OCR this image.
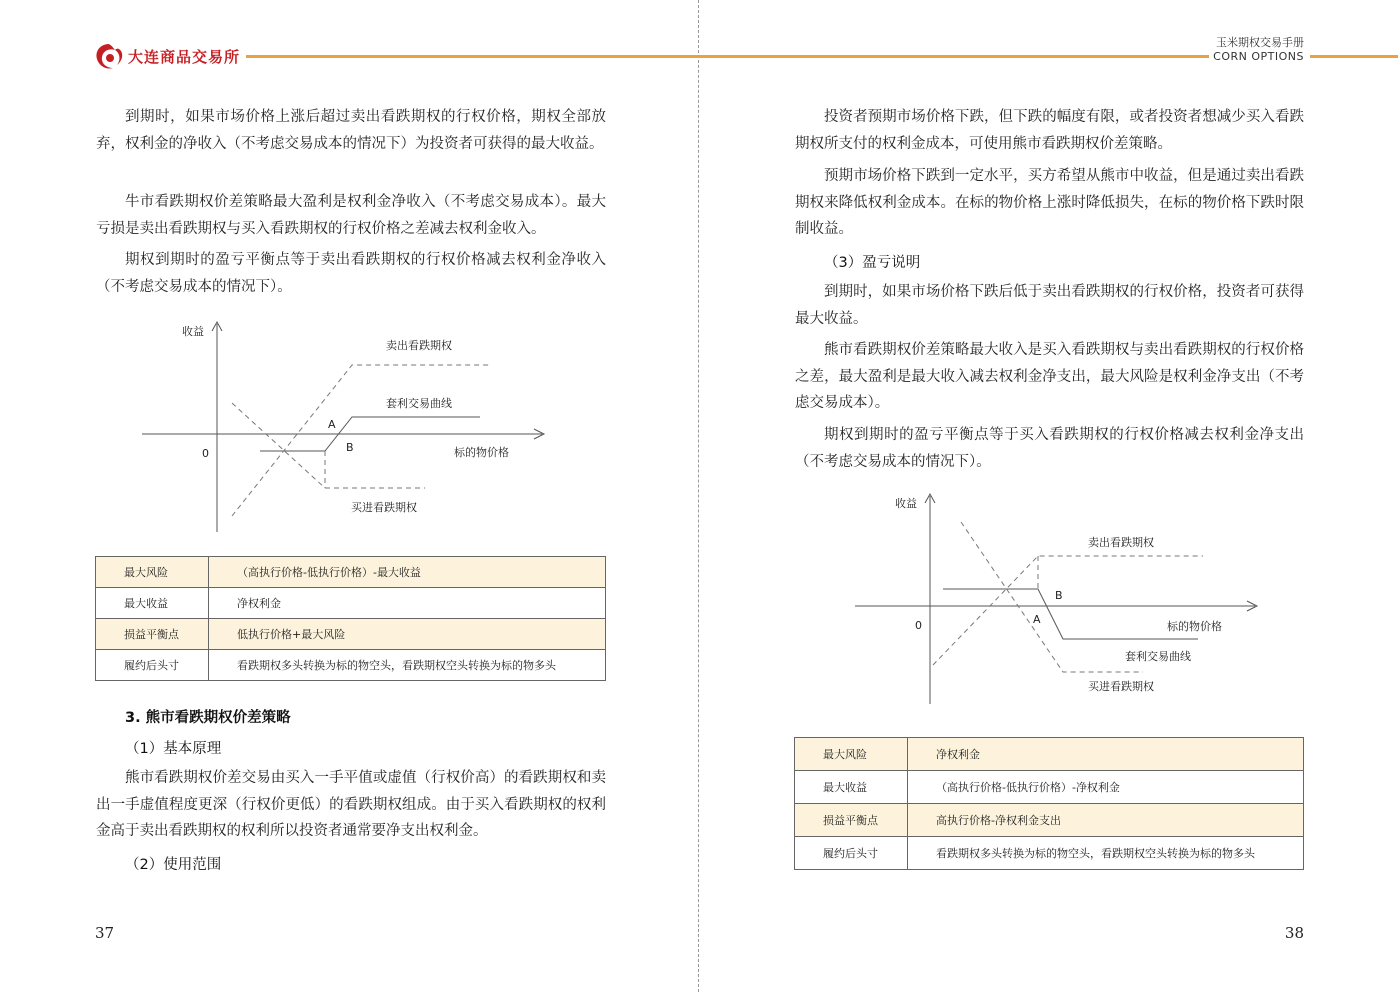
大连商品交易所

到期时，如果市场价格上涨后超过卖出看跌期权的行权价格，期权全部放弃，权利金的净收入（不考虑交易成本的情况下）为投资者可获得的最大收益。

牛市看跌期权价差策略最大盈利是权利金净收入（不考虑交易成本）。最大亏损是卖出看跌期权与买入看跌期权的行权价格之差减去权利金收入。

期权到期时的盈亏平衡点等于卖出看跌期权的行权价格减去权利金净收入（不考虑交易成本的情况下）。

收益
0
A
B
卖出看跌期权
套利交易曲线
标的物价格
买进看跌期权
最大风险	（高执行价格-低执行价格）-最大收益
最大收益	净权利金
损益平衡点	低执行价格+最大风险
履约后头寸	看跌期权多头转换为标的物空头，看跌期权空头转换为标的物多头
3. 熊市看跌期权价差策略
（1）基本原理

熊市看跌期权价差交易由买入一手平值或虚值（行权价高）的看跌期权和卖出一手虚值程度更深（行权价更低）的看跌期权组成。由于买入看跌期权的权利金高于卖出看跌期权的权利所以投资者通常要净支出权利金。

（2）使用范围
37
玉米期权交易手册
CORN OPTIONS

投资者预期市场价格下跌，但下跌的幅度有限，或者投资者想减少买入看跌期权所支付的权利金成本，可使用熊市看跌期权价差策略。

预期市场价格下跌到一定水平，买方希望从熊市中收益，但是通过卖出看跌期权来降低权利金成本。在标的物价格上涨时降低损失，在标的物价格下跌时限制收益。

（3）盈亏说明

到期时，如果市场价格下跌后低于卖出看跌期权的行权价格，投资者可获得最大收益。

熊市看跌期权价差策略最大收入是买入看跌期权与卖出看跌期权的行权价格之差，最大盈利是最大收入减去权利金净支出，最大风险是权利金净支出（不考虑交易成本）。

期权到期时的盈亏平衡点等于买入看跌期权的行权价格减去权利金净支出（不考虑交易成本的情况下）。

收益
0	A
B
卖出看跌期权
标的物价格
套利交易曲线
买进看跌期权
最大风险	净权利金
最大收益	（高执行价格-低执行价格）-净权利金
损益平衡点	高执行价格-净权利金支出
履约后头寸	看跌期权多头转换为标的物空头，看跌期权空头转换为标的物多头
38
